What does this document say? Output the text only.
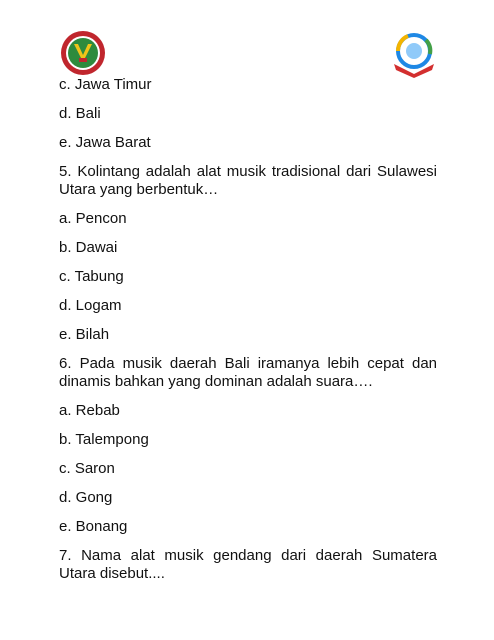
c. Jawa Timur

d. Bali

e. Jawa Barat

5. Kolintang adalah alat musik tradisional dari Sulawesi Utara yang berbentuk…

a. Pencon

b. Dawai

c. Tabung

d. Logam

e. Bilah

6. Pada musik daerah Bali iramanya lebih cepat dan dinamis bahkan yang dominan adalah suara….

a. Rebab

b. Talempong

c. Saron

d. Gong

e. Bonang

7. Nama alat musik gendang dari daerah Sumatera Utara disebut....
